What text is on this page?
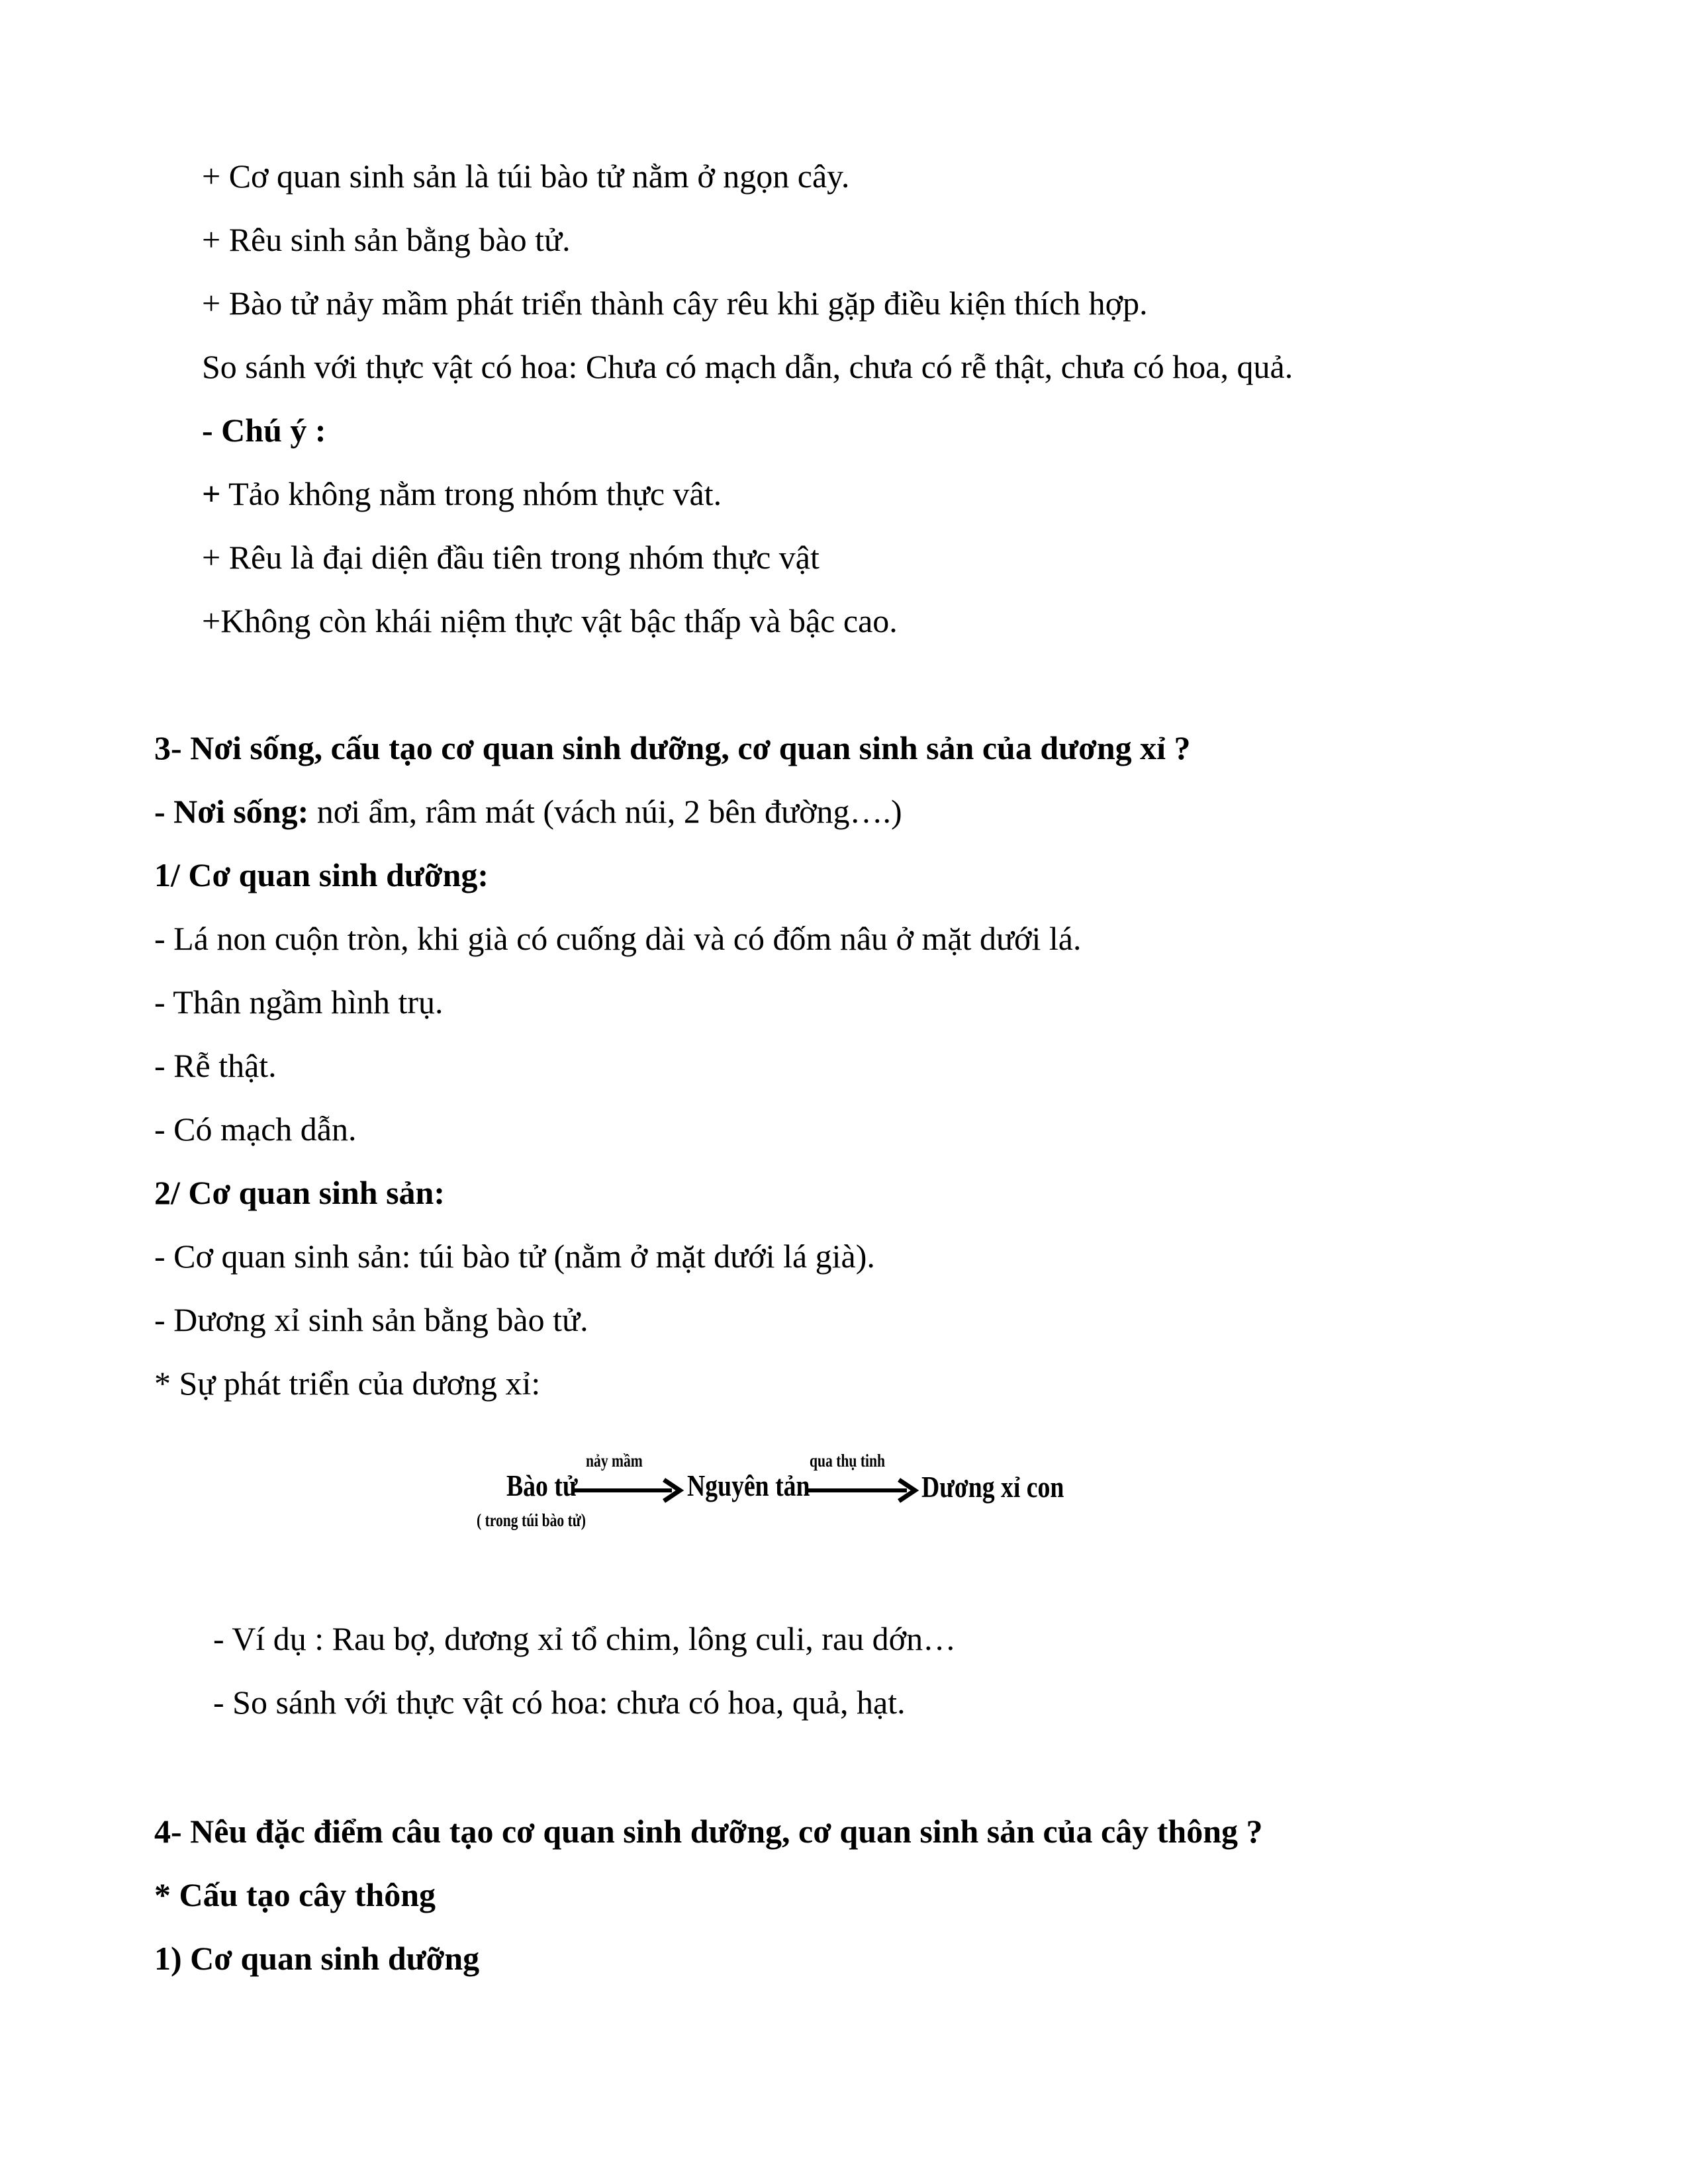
+ Cơ quan sinh sản là túi bào tử nằm ở ngọn cây.
+ Rêu sinh sản bằng bào tử.
+ Bào tử nảy mầm phát triển thành cây rêu khi gặp điều kiện thích hợp.
So sánh với thực vật có hoa: Chưa có mạch dẫn, chưa có rễ thật, chưa có hoa, quả.
- Chú ý :
+ Tảo không nằm trong nhóm thực vât.
+ Rêu là đại diện đầu tiên trong nhóm thực vật
+Không còn khái niệm thực vật bậc thấp và bậc cao.
3- Nơi sống, cấu tạo cơ quan sinh dưỡng, cơ quan sinh sản của dương xỉ ?
- Nơi sống: nơi ẩm, râm mát (vách núi, 2 bên đường….)
1/ Cơ quan sinh dưỡng:
- Lá non cuộn tròn, khi già có cuống dài và có đốm nâu ở mặt dưới lá.
- Thân ngầm hình trụ.
- Rễ thật.
- Có mạch dẫn.
2/ Cơ quan sinh sản:
- Cơ quan sinh sản: túi bào tử (nằm ở mặt dưới lá già).
- Dương xỉ sinh sản bằng bào tử.
* Sự phát triển của dương xỉ:
Bào tử
( trong túi bào tử)
nảy mầm
Nguyên tản
qua thụ tinh
Dương xỉ con
- Ví dụ : Rau bợ, dương xỉ tổ chim, lông culi, rau dớn…
- So sánh với thực vật có hoa: chưa có hoa, quả, hạt.
4- Nêu đặc điểm câu tạo cơ quan sinh dưỡng, cơ quan sinh sản của cây thông ?
* Cấu tạo cây thông
1) Cơ quan sinh dưỡng
